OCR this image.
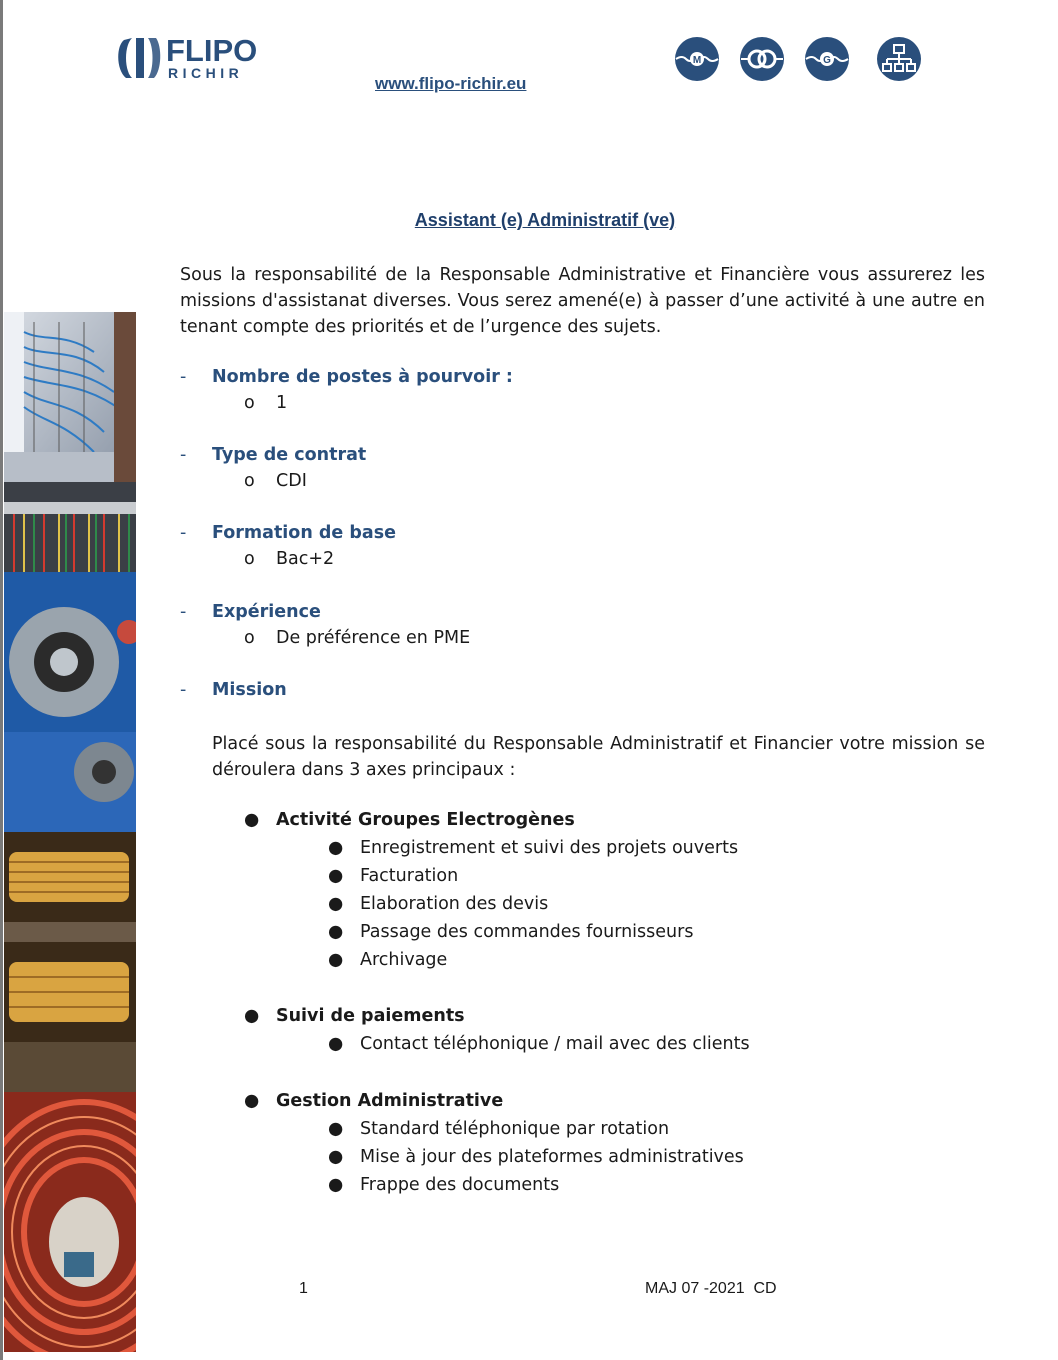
FLIPO
RICHIR
www.flipo-richir.eu
M	G
Assistant (e) Administratif (ve)
Sous la responsabilité de la Responsable Administrative et Financière vous assurerez les missions d'assistanat diverses. Vous serez amené(e) à passer d’une activité à une autre en tenant compte des priorités et de l’urgence des sujets.
- Nombre de postes à pourvoir :
o 1
- Type de contrat
o CDI
- Formation de base
o Bac+2
- Expérience
o De préférence en PME
- Mission
Placé sous la responsabilité du Responsable Administratif et Financier votre mission se déroulera dans 3 axes principaux :
● Activité Groupes Electrogènes
● Enregistrement et suivi des projets ouverts
● Facturation
● Elaboration des devis
● Passage des commandes fournisseurs
● Archivage
● Suivi de paiements
● Contact téléphonique / mail avec des clients
● Gestion Administrative
● Standard téléphonique par rotation
● Mise à jour des plateformes administratives
● Frappe des documents
1	MAJ 07 -2021  CD
